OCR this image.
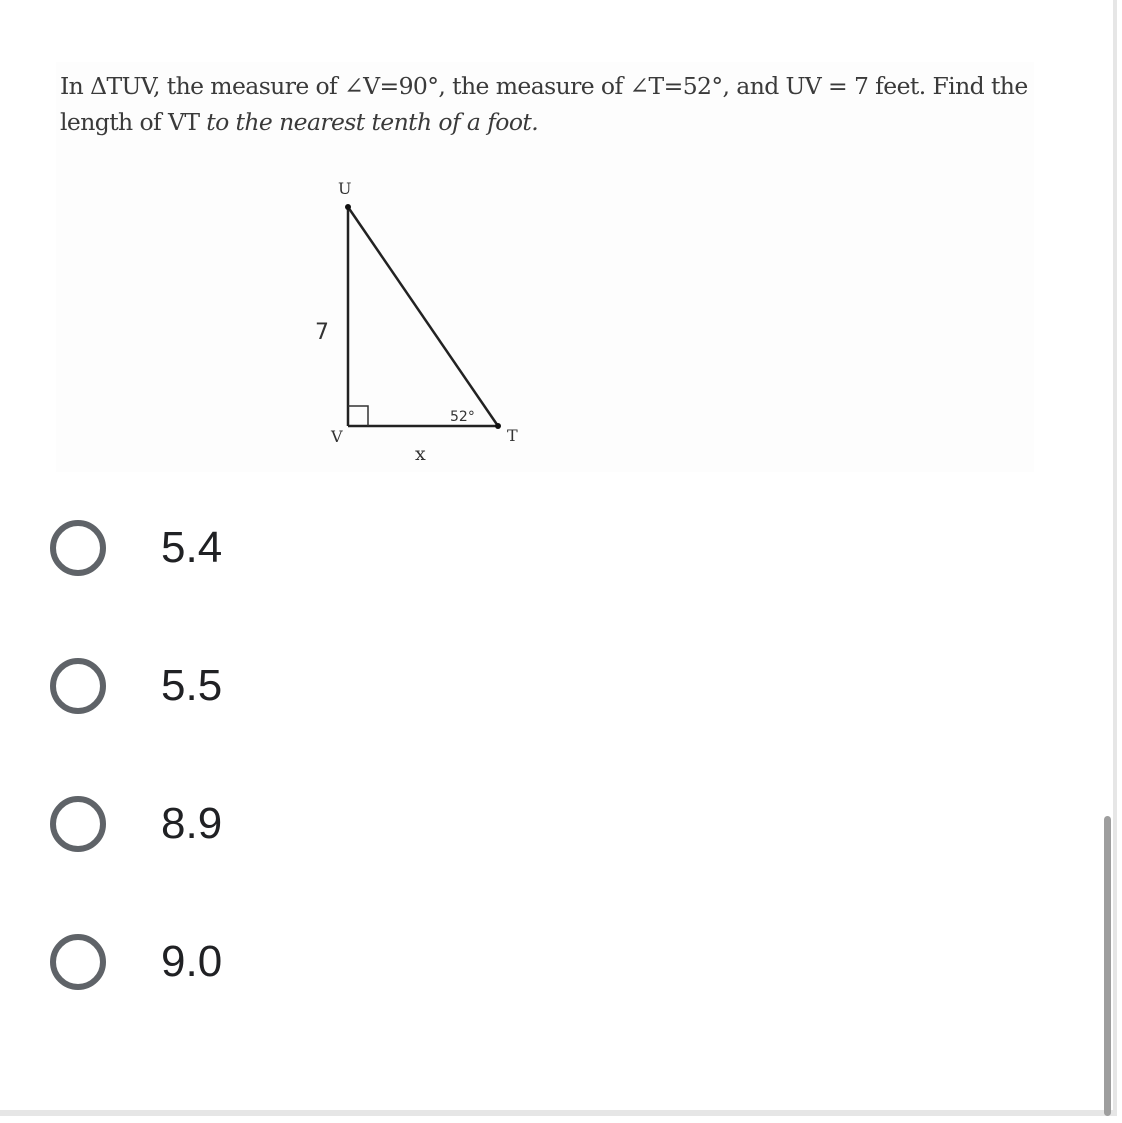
In ΔTUV, the measure of ∠V=90°, the measure of ∠T=52°, and UV = 7 feet. Find the
length of VT to the nearest tenth of a foot.
U
V	T
7
x
52°
5.4
5.5
8.9
9.0
